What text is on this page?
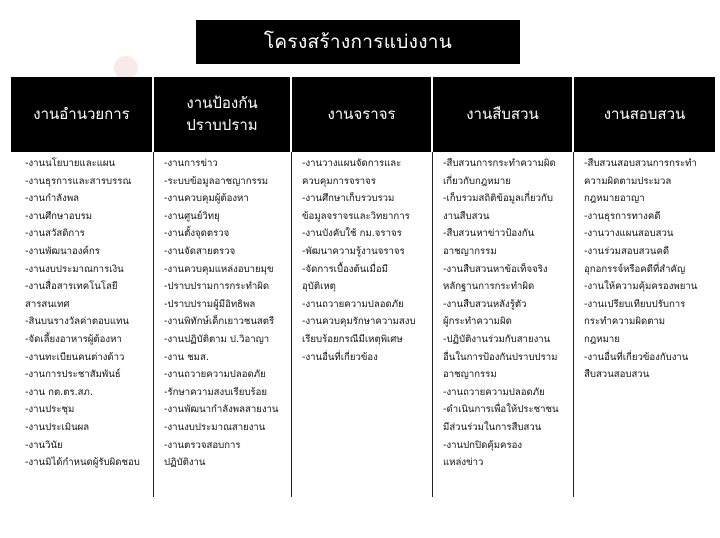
โครงสร้างการแบ่งงาน
งานอำนวยการ
งานป้องกัน
ปราบปราม
งานจราจร	งานสืบสวน	งานสอบสวน
-งานนโยบายและแผน
-งานธุรการและสารบรรณ
-งานกำลังพล
-งานศึกษาอบรม
-งานสวัสดิการ
-งานพัฒนาองค์กร
-งานงบประมาณการเงิน
-งานสื่อสารเทคโนโลยี
สารสนเทศ
-สินบนรางวัลค่าตอบแทน
-จัดเลี้ยงอาหารผู้ต้องหา
-งานทะเบียนคนต่างด้าว
-งานการประชาสัมพันธ์
-งาน กต.ตร.สภ.
-งานประชุม
-งานประเมินผล
-งานวินัย
-งานมิได้กำหนดผู้รับผิดชอบ
-งานการข่าว
-ระบบข้อมูลอาชญากรรม
-งานควบคุมผู้ต้องหา
-งานศูนย์วิทยุ
-งานตั้งจุดตรวจ
-งานจัดสายตรวจ
-งานควบคุมแหล่งอบายมุข
-ปราบปรามการกระทำผิด
-ปราบปรามผู้มีอิทธิพล
-งานพิทักษ์เด็กเยาวชนสตรี
-งานปฏิบัติตาม ป.วิอาญา
-งาน ชมส.
-งานถวายความปลอดภัย
-รักษาความสงบเรียบร้อย
-งานพัฒนากำลังพลสายงาน
-งานงบประมาณสายงาน
-งานตรวจสอบการ
ปฏิบัติงาน
-งานวางแผนจัดการและ
ควบคุมการจราจร
-งานศึกษาเก็บรวบรวม
ข้อมูลจราจรและวิทยาการ
-งานบังคับใช้ กม.จราจร
-พัฒนาความรู้งานจราจร
-จัดการเบื้องต้นเมื่อมี
อุบัติเหตุ
-งานถวายความปลอดภัย
-งานควบคุมรักษาความสงบ
เรียบร้อยกรณีมีเหตุพิเศษ
-งานอื่นที่เกี่ยวข้อง
-สืบสวนการกระทำความผิด
เกี่ยวกับกฎหมาย
-เก็บรวมสถิติข้อมูลเกี่ยวกับ
งานสืบสวน
-สืบสวนหาข่าวป้องกัน
อาชญากรรม
-งานสืบสวนหาข้อเท็จจริง
หลักฐานการกระทำผิด
-งานสืบสวนหลังรู้ตัว
ผู้กระทำความผิด
-ปฏิบัติงานร่วมกับสายงาน
อื่นในการป้องกันปราบปราม
อาชญากรรม
-งานถวายความปลอดภัย
-ดำเนินการเพื่อให้ประชาชน
มีส่วนร่วมในการสืบสวน
-งานปกปิดคุ้มครอง
แหล่งข่าว
-สืบสวนสอบสวนการกระทำ
ความผิดตามประมวล
กฎหมายอาญา
-งานธุรการทางคดี
-งานวางแผนสอบสวน
-งานร่วมสอบสวนคดี
อุกอกรรจ์หรือคดีที่สำคัญ
-งานให้ความคุ้มครองพยาน
-งานเปรียบเทียบปรับการ
กระทำความผิดตาม
กฎหมาย
-งานอื่นที่เกี่ยวข้องกับงาน
สืบสวนสอบสวน
